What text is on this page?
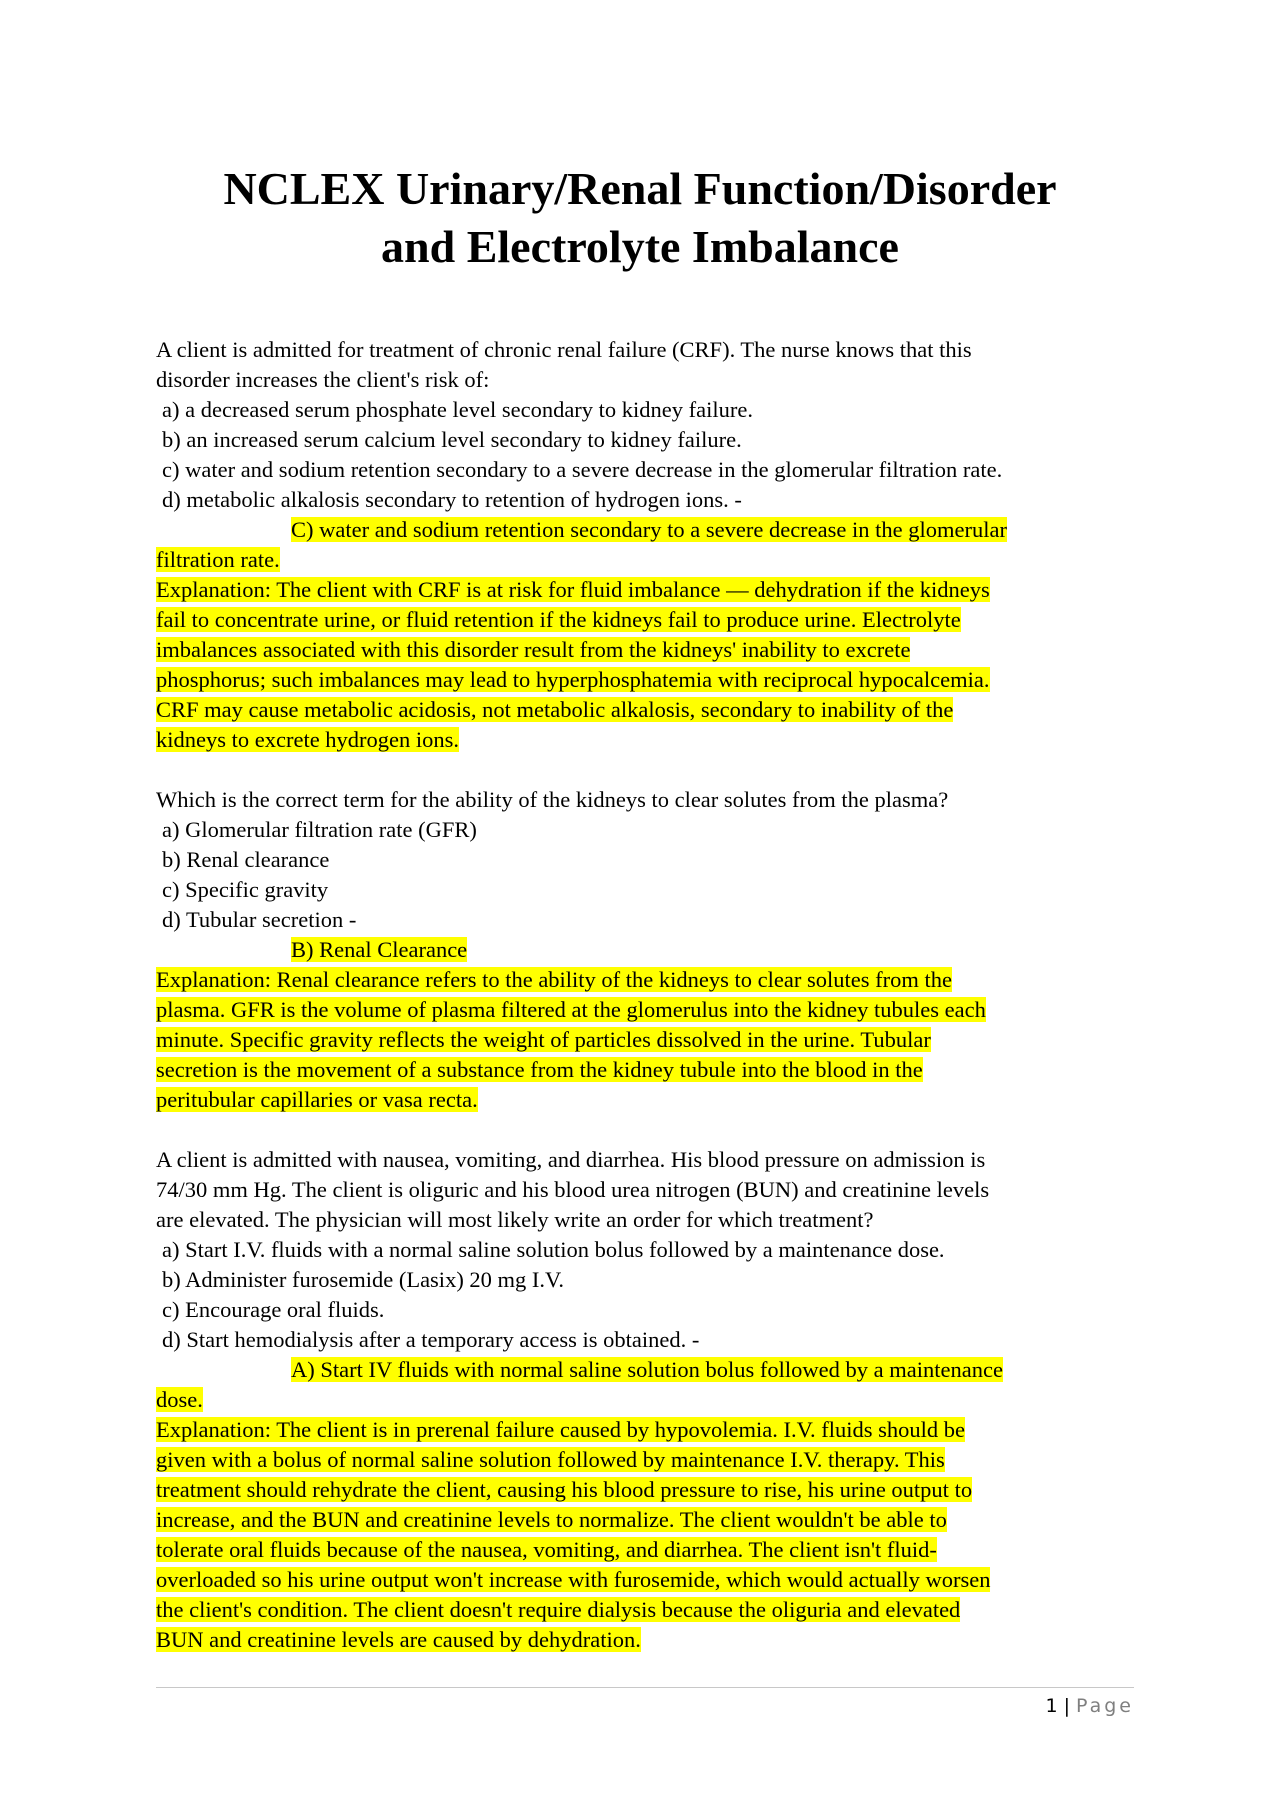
NCLEX Urinary/Renal Function/Disorder
and Electrolyte Imbalance
A client is admitted for treatment of chronic renal failure (CRF). The nurse knows that this
disorder increases the client's risk of:
a) a decreased serum phosphate level secondary to kidney failure.
b) an increased serum calcium level secondary to kidney failure.
c) water and sodium retention secondary to a severe decrease in the glomerular filtration rate.
d) metabolic alkalosis secondary to retention of hydrogen ions. -
C) water and sodium retention secondary to a severe decrease in the glomerular
filtration rate.
Explanation: The client with CRF is at risk for fluid imbalance — dehydration if the kidneys
fail to concentrate urine, or fluid retention if the kidneys fail to produce urine. Electrolyte
imbalances associated with this disorder result from the kidneys' inability to excrete
phosphorus; such imbalances may lead to hyperphosphatemia with reciprocal hypocalcemia.
CRF may cause metabolic acidosis, not metabolic alkalosis, secondary to inability of the
kidneys to excrete hydrogen ions.
Which is the correct term for the ability of the kidneys to clear solutes from the plasma?
a) Glomerular filtration rate (GFR)
b) Renal clearance
c) Specific gravity
d) Tubular secretion -
B) Renal Clearance
Explanation: Renal clearance refers to the ability of the kidneys to clear solutes from the
plasma. GFR is the volume of plasma filtered at the glomerulus into the kidney tubules each
minute. Specific gravity reflects the weight of particles dissolved in the urine. Tubular
secretion is the movement of a substance from the kidney tubule into the blood in the
peritubular capillaries or vasa recta.
A client is admitted with nausea, vomiting, and diarrhea. His blood pressure on admission is
74/30 mm Hg. The client is oliguric and his blood urea nitrogen (BUN) and creatinine levels
are elevated. The physician will most likely write an order for which treatment?
a) Start I.V. fluids with a normal saline solution bolus followed by a maintenance dose.
b) Administer furosemide (Lasix) 20 mg I.V.
c) Encourage oral fluids.
d) Start hemodialysis after a temporary access is obtained. -
A) Start IV fluids with normal saline solution bolus followed by a maintenance
dose.
Explanation: The client is in prerenal failure caused by hypovolemia. I.V. fluids should be
given with a bolus of normal saline solution followed by maintenance I.V. therapy. This
treatment should rehydrate the client, causing his blood pressure to rise, his urine output to
increase, and the BUN and creatinine levels to normalize. The client wouldn't be able to
tolerate oral fluids because of the nausea, vomiting, and diarrhea. The client isn't fluid-
overloaded so his urine output won't increase with furosemide, which would actually worsen
the client's condition. The client doesn't require dialysis because the oliguria and elevated
BUN and creatinine levels are caused by dehydration.
1 | Page
